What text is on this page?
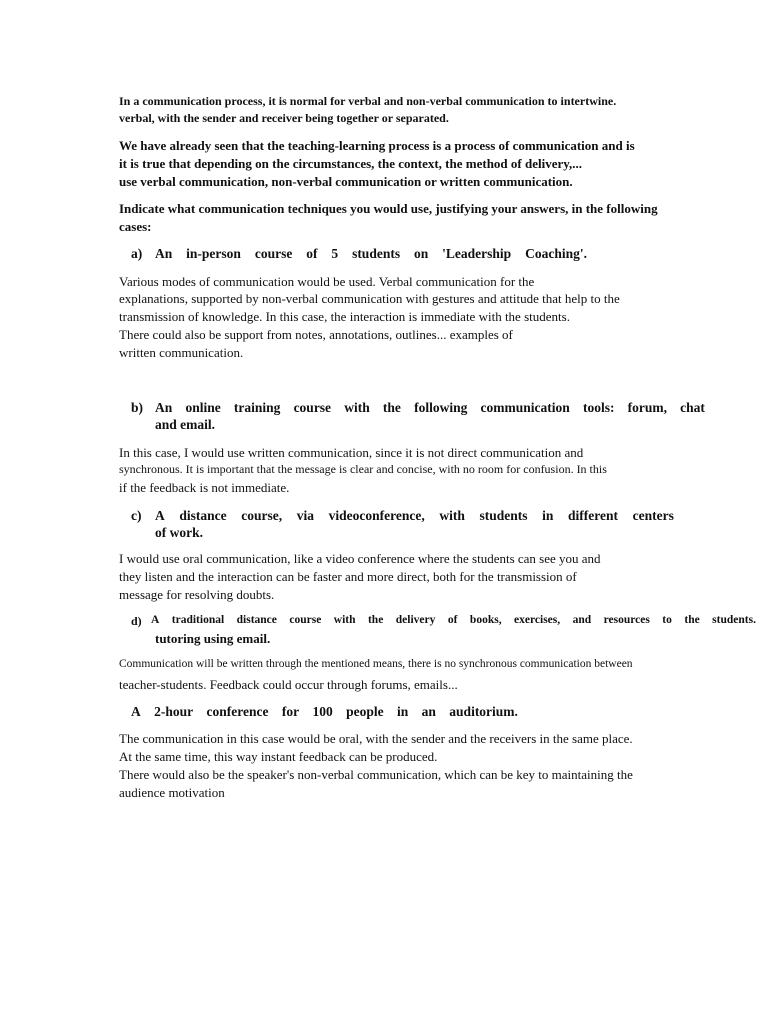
In a communication process, it is normal for verbal and non-verbal communication to intertwine.
verbal, with the sender and receiver being together or separated.
We have already seen that the teaching-learning process is a process of communication and is
it is true that depending on the circumstances, the context, the method of delivery,...
use verbal communication, non-verbal communication or written communication.
Indicate what communication techniques you would use, justifying your answers, in the following
cases:
a) An in-person course of 5 students on 'Leadership Coaching'.
Various modes of communication would be used. Verbal communication for the
explanations, supported by non-verbal communication with gestures and attitude that help to the
transmission of knowledge. In this case, the interaction is immediate with the students.
There could also be support from notes, annotations, outlines... examples of
written communication.
b) An online training course with the following communication tools: forum, chat
and email.
In this case, I would use written communication, since it is not direct communication and
synchronous. It is important that the message is clear and concise, with no room for confusion. In this
if the feedback is not immediate.
c) A distance course, via videoconference, with students in different centers
of work.
I would use oral communication, like a video conference where the students can see you and
they listen and the interaction can be faster and more direct, both for the transmission of
message for resolving doubts.
d) A traditional distance course with the delivery of books, exercises, and resources to the students.
tutoring using email.
Communication will be written through the mentioned means, there is no synchronous communication between
teacher-students. Feedback could occur through forums, emails...
A 2-hour conference for 100 people in an auditorium.
The communication in this case would be oral, with the sender and the receivers in the same place.
At the same time, this way instant feedback can be produced.
There would also be the speaker's non-verbal communication, which can be key to maintaining the
audience motivation
